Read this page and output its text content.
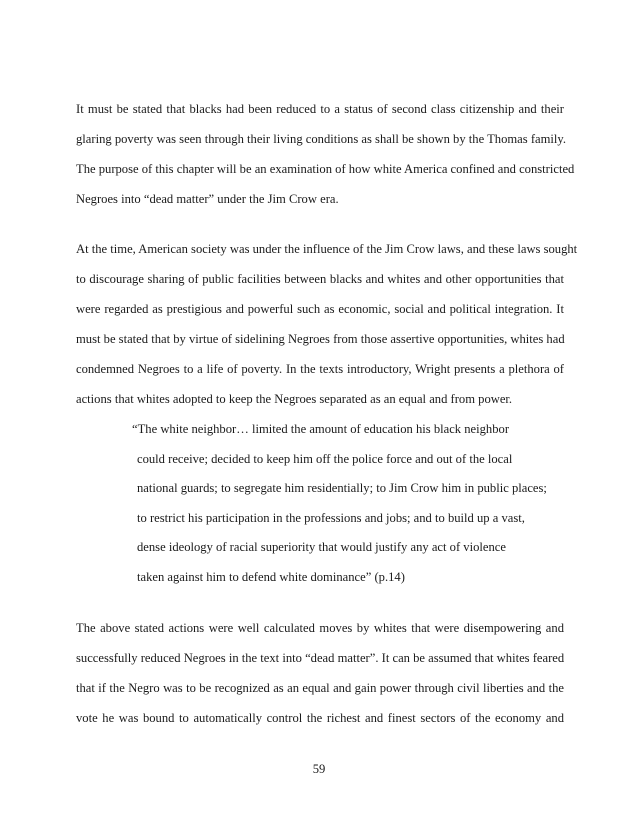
It must be stated that blacks had been reduced to a status of second class citizenship and their
glaring poverty was seen through their living conditions as shall be shown by the Thomas family.
The purpose of this chapter will be an examination of how white America confined and constricted
Negroes into “dead matter” under the Jim Crow era.
At the time, American society was under the influence of the Jim Crow laws, and these laws sought
to discourage sharing of public facilities between blacks and whites and other opportunities that
were regarded as prestigious and powerful such as economic, social and political integration. It
must be stated that by virtue of sidelining Negroes from those assertive opportunities, whites had
condemned Negroes to a life of poverty. In the texts introductory, Wright presents a plethora of
actions that whites adopted to keep the Negroes separated as an equal and from power.
“The white neighbor… limited the amount of education his black neighbor
could receive; decided to keep him off the police force and out of the local
national guards; to segregate him residentially; to Jim Crow him in public places;
to restrict his participation in the professions and jobs; and to build up a vast,
dense ideology of racial superiority that would justify any act of violence
taken against him to defend white dominance” (p.14)
The above stated actions were well calculated moves by whites that were disempowering and
successfully reduced Negroes in the text into “dead matter”. It can be assumed that whites feared
that if the Negro was to be recognized as an equal and gain power through civil liberties and the
vote he was bound to automatically control the richest and finest sectors of the economy and
59
